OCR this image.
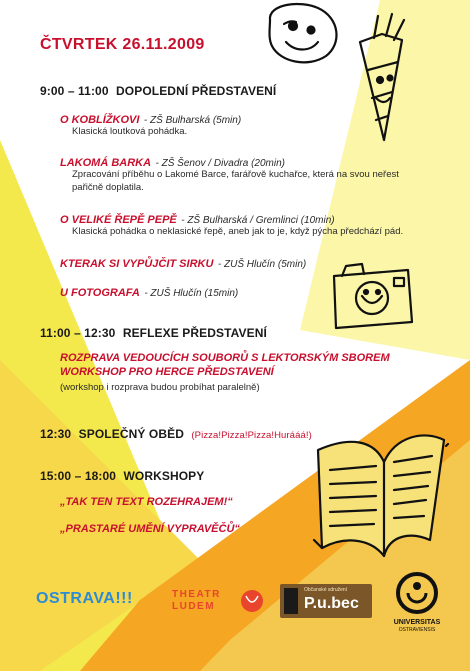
ČTVRTEK 26.11.2009
9:00 – 11:00 DOPOLEDNÍ PŘEDSTAVENÍ
O KOBLÍŽKOVI - ZŠ Bulharská (5min)
Klasická loutková pohádka.
LAKOMÁ BARKA - ZŠ Šenov / Divadra (20min)
Zpracování příběhu o Lakomé Barce, farářově kuchařce, která na svou neřest
pařičně doplatila.
O VELIKÉ ŘEPĚ PEPĚ - ZŠ Bulharská / Gremlinci (10min)
Klasická pohádka o neklasické řepě, aneb jak to je, když pýcha předchází pád.
KTERAK SI VYPŮJČIT SIRKU - ZUŠ Hlučín (5min)
U FOTOGRAFA - ZUŠ Hlučín (15min)
11:00 – 12:30 REFLEXE PŘEDSTAVENÍ
ROZPRAVA VEDOUCÍCH SOUBORŮ S LEKTORSKÝM SBOREM
WORKSHOP PRO HERCE PŘEDSTAVENÍ
(workshop i rozprava budou probíhat paralelně)
12:30 SPOLEČNÝ OBĚD (Pizza!Pizza!Pizza!Hurááá!)
15:00 – 18:00 WORKSHOPY
„TAK TEN TEXT ROZEHRAJEM!“
„PRASTARÉ UMĚNÍ VYPRAVĚČŮ“
OSTRAVA!!!	THEATR LUDEM
Občanské sdružení
P.u.bec
UNIVERSITAS
OSTRAVIENSIS
